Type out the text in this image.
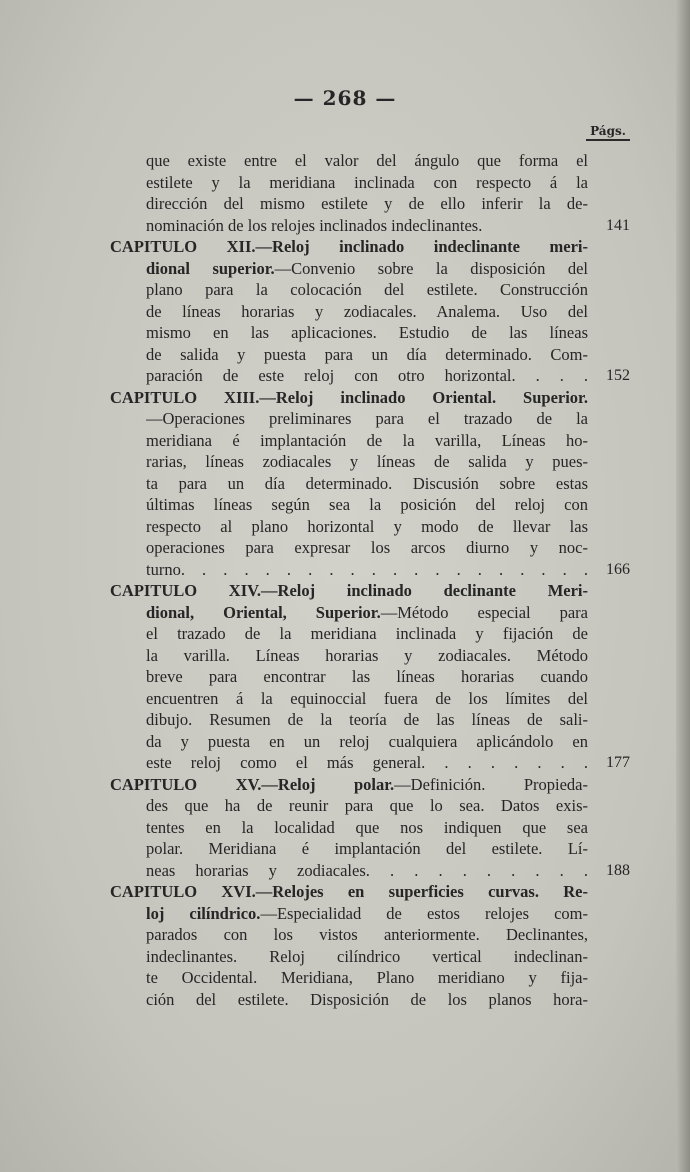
— 268 —
Págs.
que existe entre el valor del ángulo que forma el
estilete y la meridiana inclinada con respecto á la
dirección del mismo estilete y de ello inferir la de-
nominación de los relojes inclinados indeclinantes.	141
CAPITULO XII.—Reloj inclinado indeclinante meri-
dional superior.—Convenio sobre la disposición del
plano para la colocación del estilete. Construcción
de líneas horarias y zodiacales. Analema. Uso del
mismo en las aplicaciones. Estudio de las líneas
de salida y puesta para un día determinado. Com-
paración de este reloj con otro horizontal. . . .	152
CAPITULO XIII.—Reloj inclinado Oriental. Superior.
—Operaciones preliminares para el trazado de la
meridiana é implantación de la varilla, Líneas ho-
rarias, líneas zodiacales y líneas de salida y pues-
ta para un día determinado. Discusión sobre estas
últimas líneas según sea la posición del reloj con
respecto al plano horizontal y modo de llevar las
operaciones para expresar los arcos diurno y noc-
turno. . . . . . . . . . . . . . . . . . . .	166
CAPITULO XIV.—Reloj inclinado declinante Meri-
dional, Oriental, Superior.—Método especial para
el trazado de la meridiana inclinada y fijación de
la varilla. Líneas horarias y zodiacales. Método
breve para encontrar las líneas horarias cuando
encuentren á la equinoccial fuera de los límites del
dibujo. Resumen de la teoría de las líneas de sali-
da y puesta en un reloj cualquiera aplicándolo en
este reloj como el más general. . . . . . . .	177
CAPITULO XV.—Reloj polar.—Definición. Propieda-
des que ha de reunir para que lo sea. Datos exis-
tentes en la localidad que nos indiquen que sea
polar. Meridiana é implantación del estilete. Lí-
neas horarias y zodiacales. . . . . . . . . .	188
CAPITULO XVI.—Relojes en superficies curvas. Re-
loj cilíndrico.—Especialidad de estos relojes com-
parados con los vistos anteriormente. Declinantes,
indeclinantes. Reloj cilíndrico vertical indeclinan-
te Occidental. Meridiana, Plano meridiano y fija-
ción del estilete. Disposición de los planos hora-
